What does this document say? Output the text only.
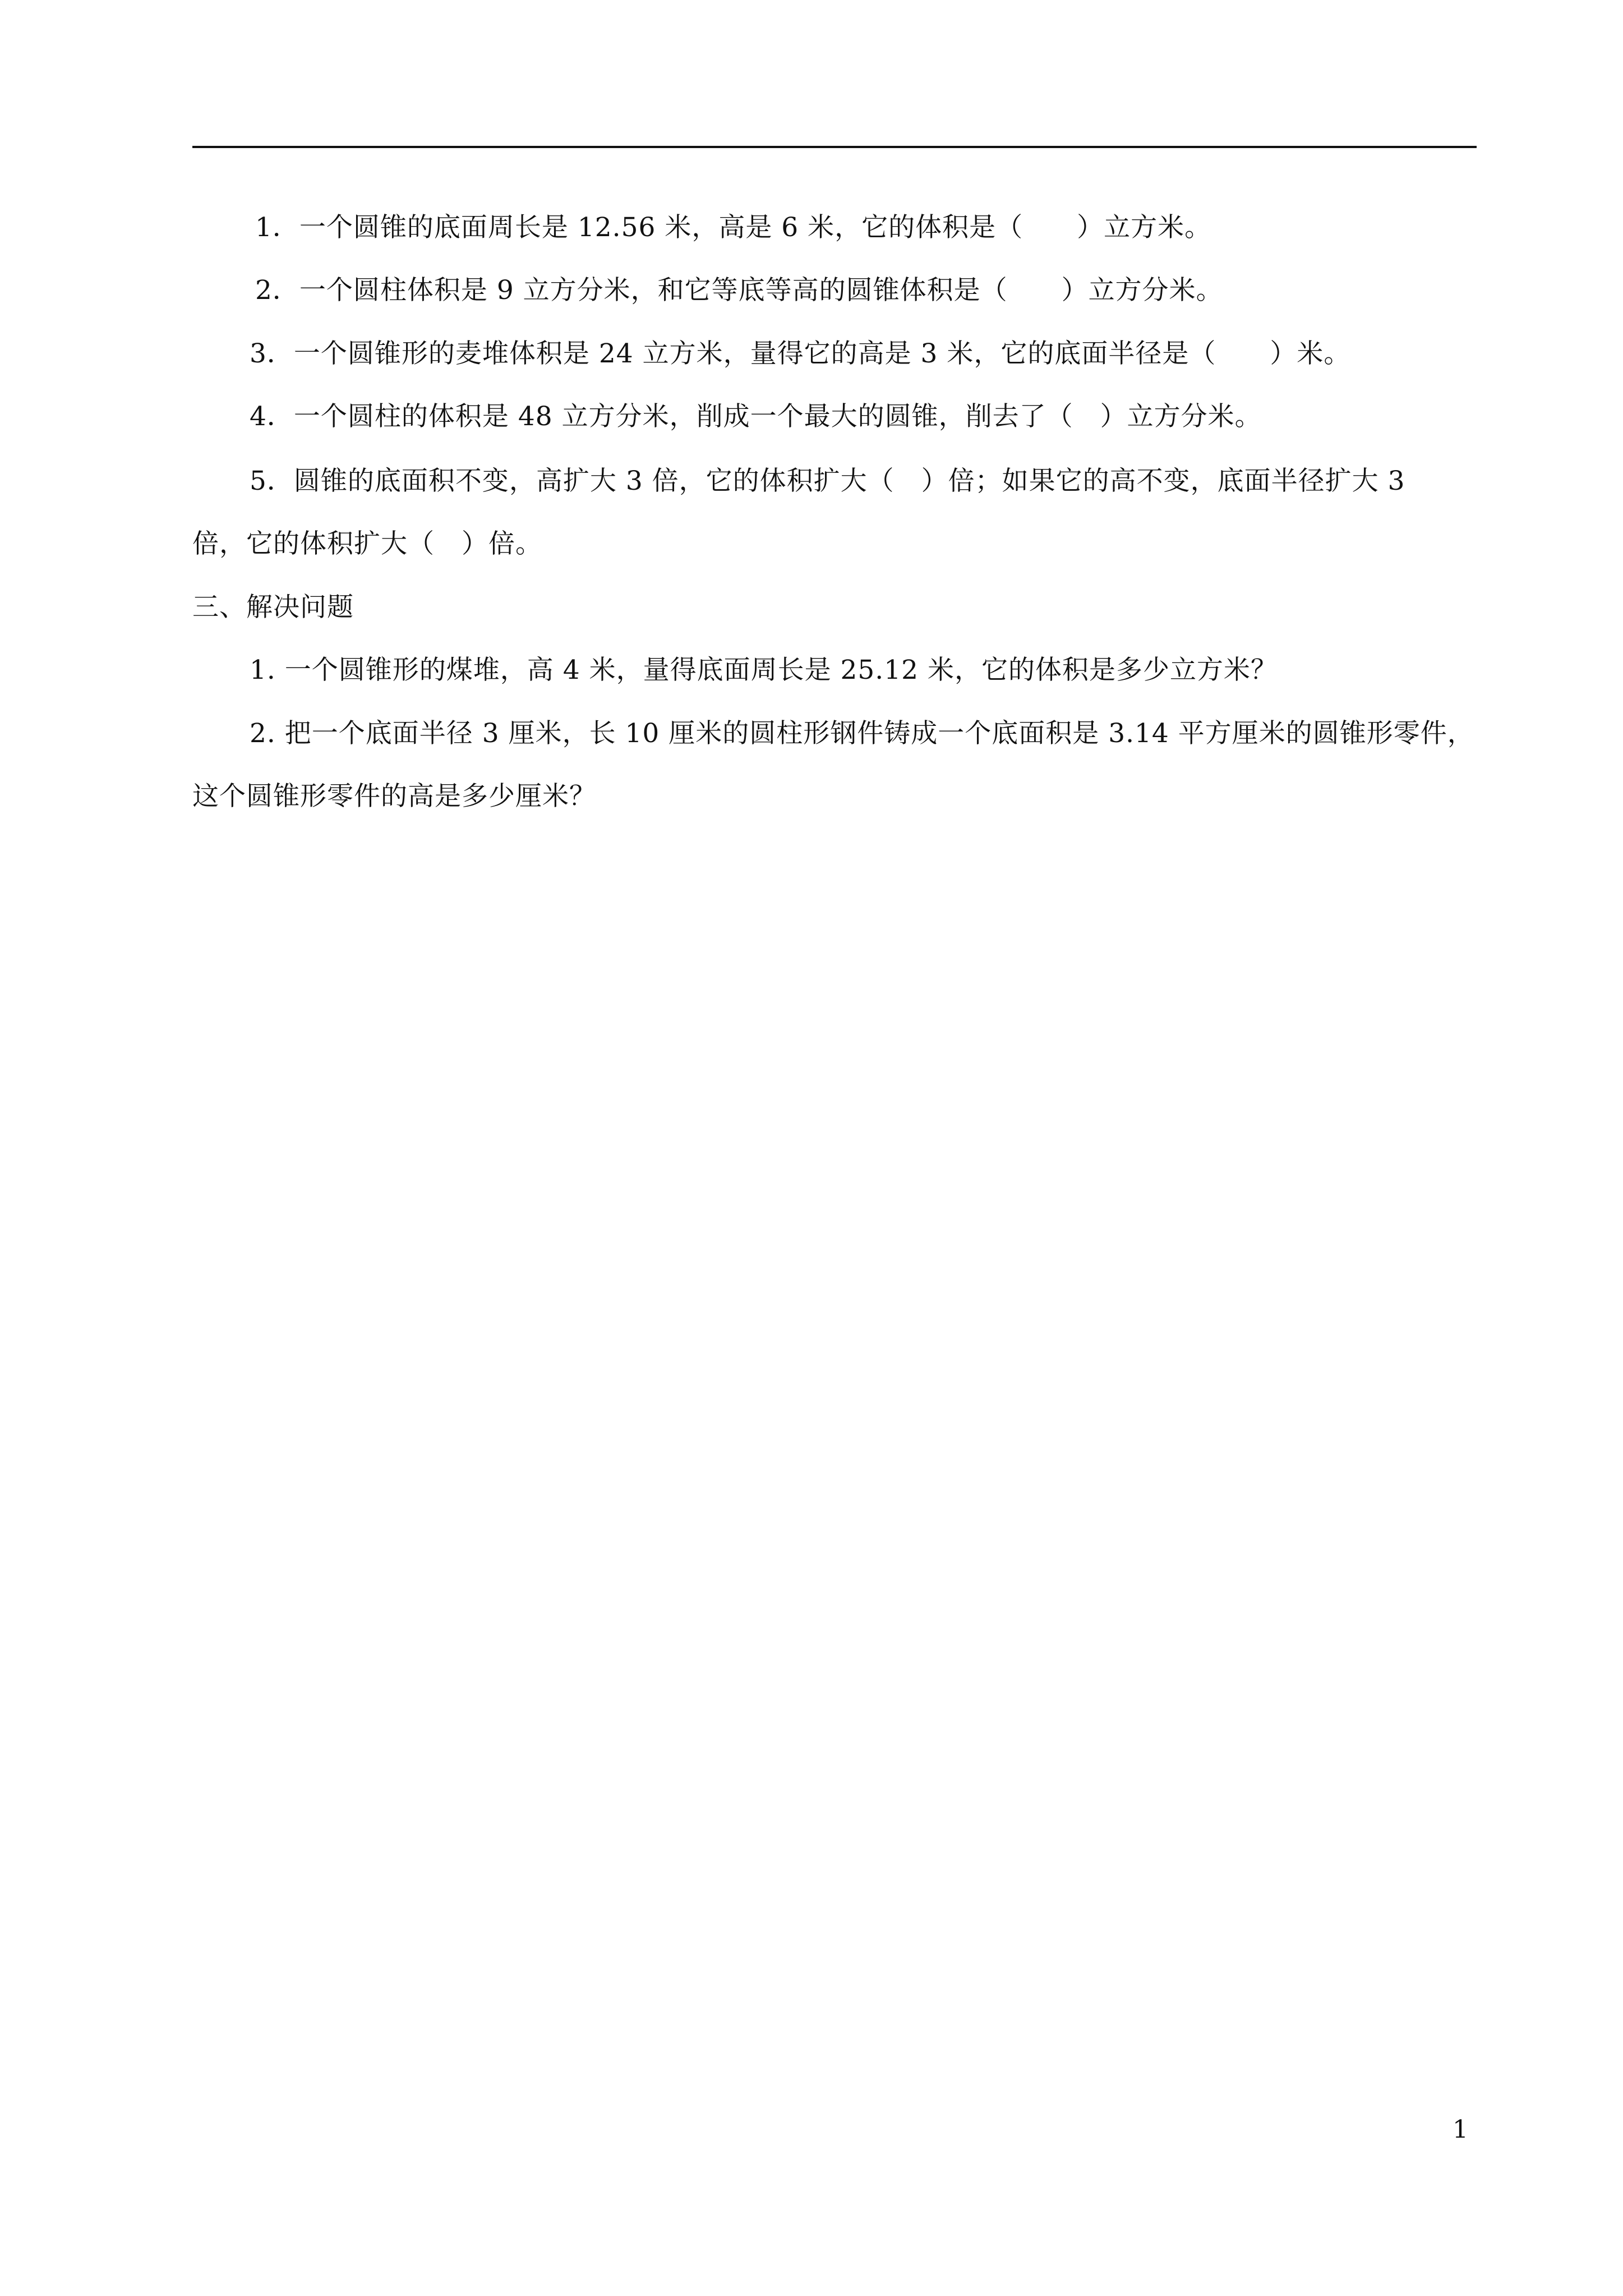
1．一个圆锥的底面周长是 12.56 米，高是 6 米，它的体积是（　　）立方米。
2．一个圆柱体积是 9 立方分米，和它等底等高的圆锥体积是（　　）立方分米。
3．一个圆锥形的麦堆体积是 24 立方米，量得它的高是 3 米，它的底面半径是（　　）米。
4．一个圆柱的体积是 48 立方分米，削成一个最大的圆锥，削去了（　）立方分米。
5．圆锥的底面积不变，高扩大 3 倍，它的体积扩大（　）倍；如果它的高不变，底面半径扩大 3
倍，它的体积扩大（　）倍。
三、解决问题
1. 一个圆锥形的煤堆，高 4 米，量得底面周长是 25.12 米，它的体积是多少立方米？
2. 把一个底面半径 3 厘米，长 10 厘米的圆柱形钢件铸成一个底面积是 3.14 平方厘米的圆锥形零件，
这个圆锥形零件的高是多少厘米？
1
